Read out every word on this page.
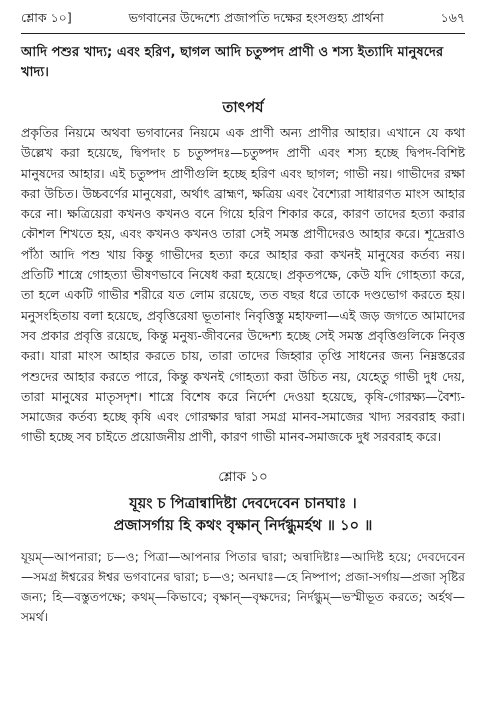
শ্লোক ১০]	ভগবানের উদ্দেশ্যে প্রজাপতি দক্ষের হংসগুহ্য প্রার্থনা	১৬৭

আদি পশুর খাদ্য; এবং হরিণ, ছাগল আদি চতুষ্পদ প্রাণী ও শস্য ইত্যাদি মানুষদের খাদ্য।

তাৎপর্য

প্রকৃতির নিয়মে অথবা ভগবানের নিয়মে এক প্রাণী অন্য প্রাণীর আহার। এখানে যে কথা উল্লেখ করা হয়েছে, দ্বিপদাং চ চতুষ্পদঃ—চতুষ্পদ প্রাণী এবং শস্য হচ্ছে দ্বিপদ-বিশিষ্ট মানুষদের আহার। এই চতুষ্পদ প্রাণীগুলি হচ্ছে হরিণ এবং ছাগল; গাভী নয়। গাভীদের রক্ষা করা উচিত। উচ্চবর্ণের মানুষেরা, অর্থাৎ ব্রাহ্মণ, ক্ষত্রিয় এবং বৈশ্যেরা সাধারণত মাংস আহার করে না। ক্ষত্রিয়েরা কখনও কখনও বনে গিয়ে হরিণ শিকার করে, কারণ তাদের হত্যা করার কৌশল শিখতে হয়, এবং কখনও কখনও তারা সেই সমস্ত প্রাণীদেরও আহার করে। শূদ্রেরাও পাঁঠা আদি পশু খায় কিন্তু গাভীদের হত্যা করে আহার করা কখনই মানুষের কর্তব্য নয়। প্রতিটি শাস্ত্রে গোহত্যা ভীষণভাবে নিষেধ করা হয়েছে। প্রকৃতপক্ষে, কেউ যদি গোহত্যা করে, তা হলে একটি গাভীর শরীরে যত লোম রয়েছে, তত বছর ধরে তাকে দণ্ডভোগ করতে হয়। মনুসংহিতায় বলা হয়েছে, প্রবৃত্তিরেষা ভূতানাং নিবৃত্তিস্তু মহাফলা—এই জড় জগতে আমাদের সব প্রকার প্রবৃত্তি রয়েছে, কিন্তু মনুষ্য-জীবনের উদ্দেশ্য হচ্ছে সেই সমস্ত প্রবৃত্তিগুলিকে নিবৃত্ত করা। যারা মাংস আহার করতে চায়, তারা তাদের জিহ্বার তৃপ্তি সাধনের জন্য নিম্নস্তরের পশুদের আহার করতে পারে, কিন্তু কখনই গোহত্যা করা উচিত নয়, যেহেতু গাভী দুধ দেয়, তারা মানুষের মাতৃসদৃশ। শাস্ত্রে বিশেষ করে নির্দেশ দেওয়া হয়েছে, কৃষি-গোরক্ষ্য—বৈশ্য-সমাজের কর্তব্য হচ্ছে কৃষি এবং গোরক্ষার দ্বারা সমগ্র মানব-সমাজের খাদ্য সরবরাহ করা। গাভী হচ্ছে সব চাইতে প্রয়োজনীয় প্রাণী, কারণ গাভী মানব-সমাজকে দুধ সরবরাহ করে।

শ্লোক ১০

যূয়ং চ পিত্রান্বাদিষ্টা দেবদেবেন চানঘাঃ ।

প্রজাসর্গায় হি কথং বৃক্ষান্ নির্দগ্ধুমর্হথ ॥ ১০ ॥

যূয়ম্—আপনারা; চ—ও; পিত্রা—আপনার পিতার দ্বারা; অন্বাদিষ্টাঃ—আদিষ্ট হয়ে; দেবদেবেন—সমগ্র ঈশ্বরের ঈশ্বর ভগবানের দ্বারা; চ—ও; অনঘাঃ—হে নিষ্পাপ; প্রজা-সর্গায়—প্রজা সৃষ্টির জন্য; হি—বস্তুতপক্ষে; কথম্—কিভাবে; বৃক্ষান্—বৃক্ষদের; নির্দগ্ধুম্—ভস্মীভূত করতে; অর্হথ—সমর্থ।
